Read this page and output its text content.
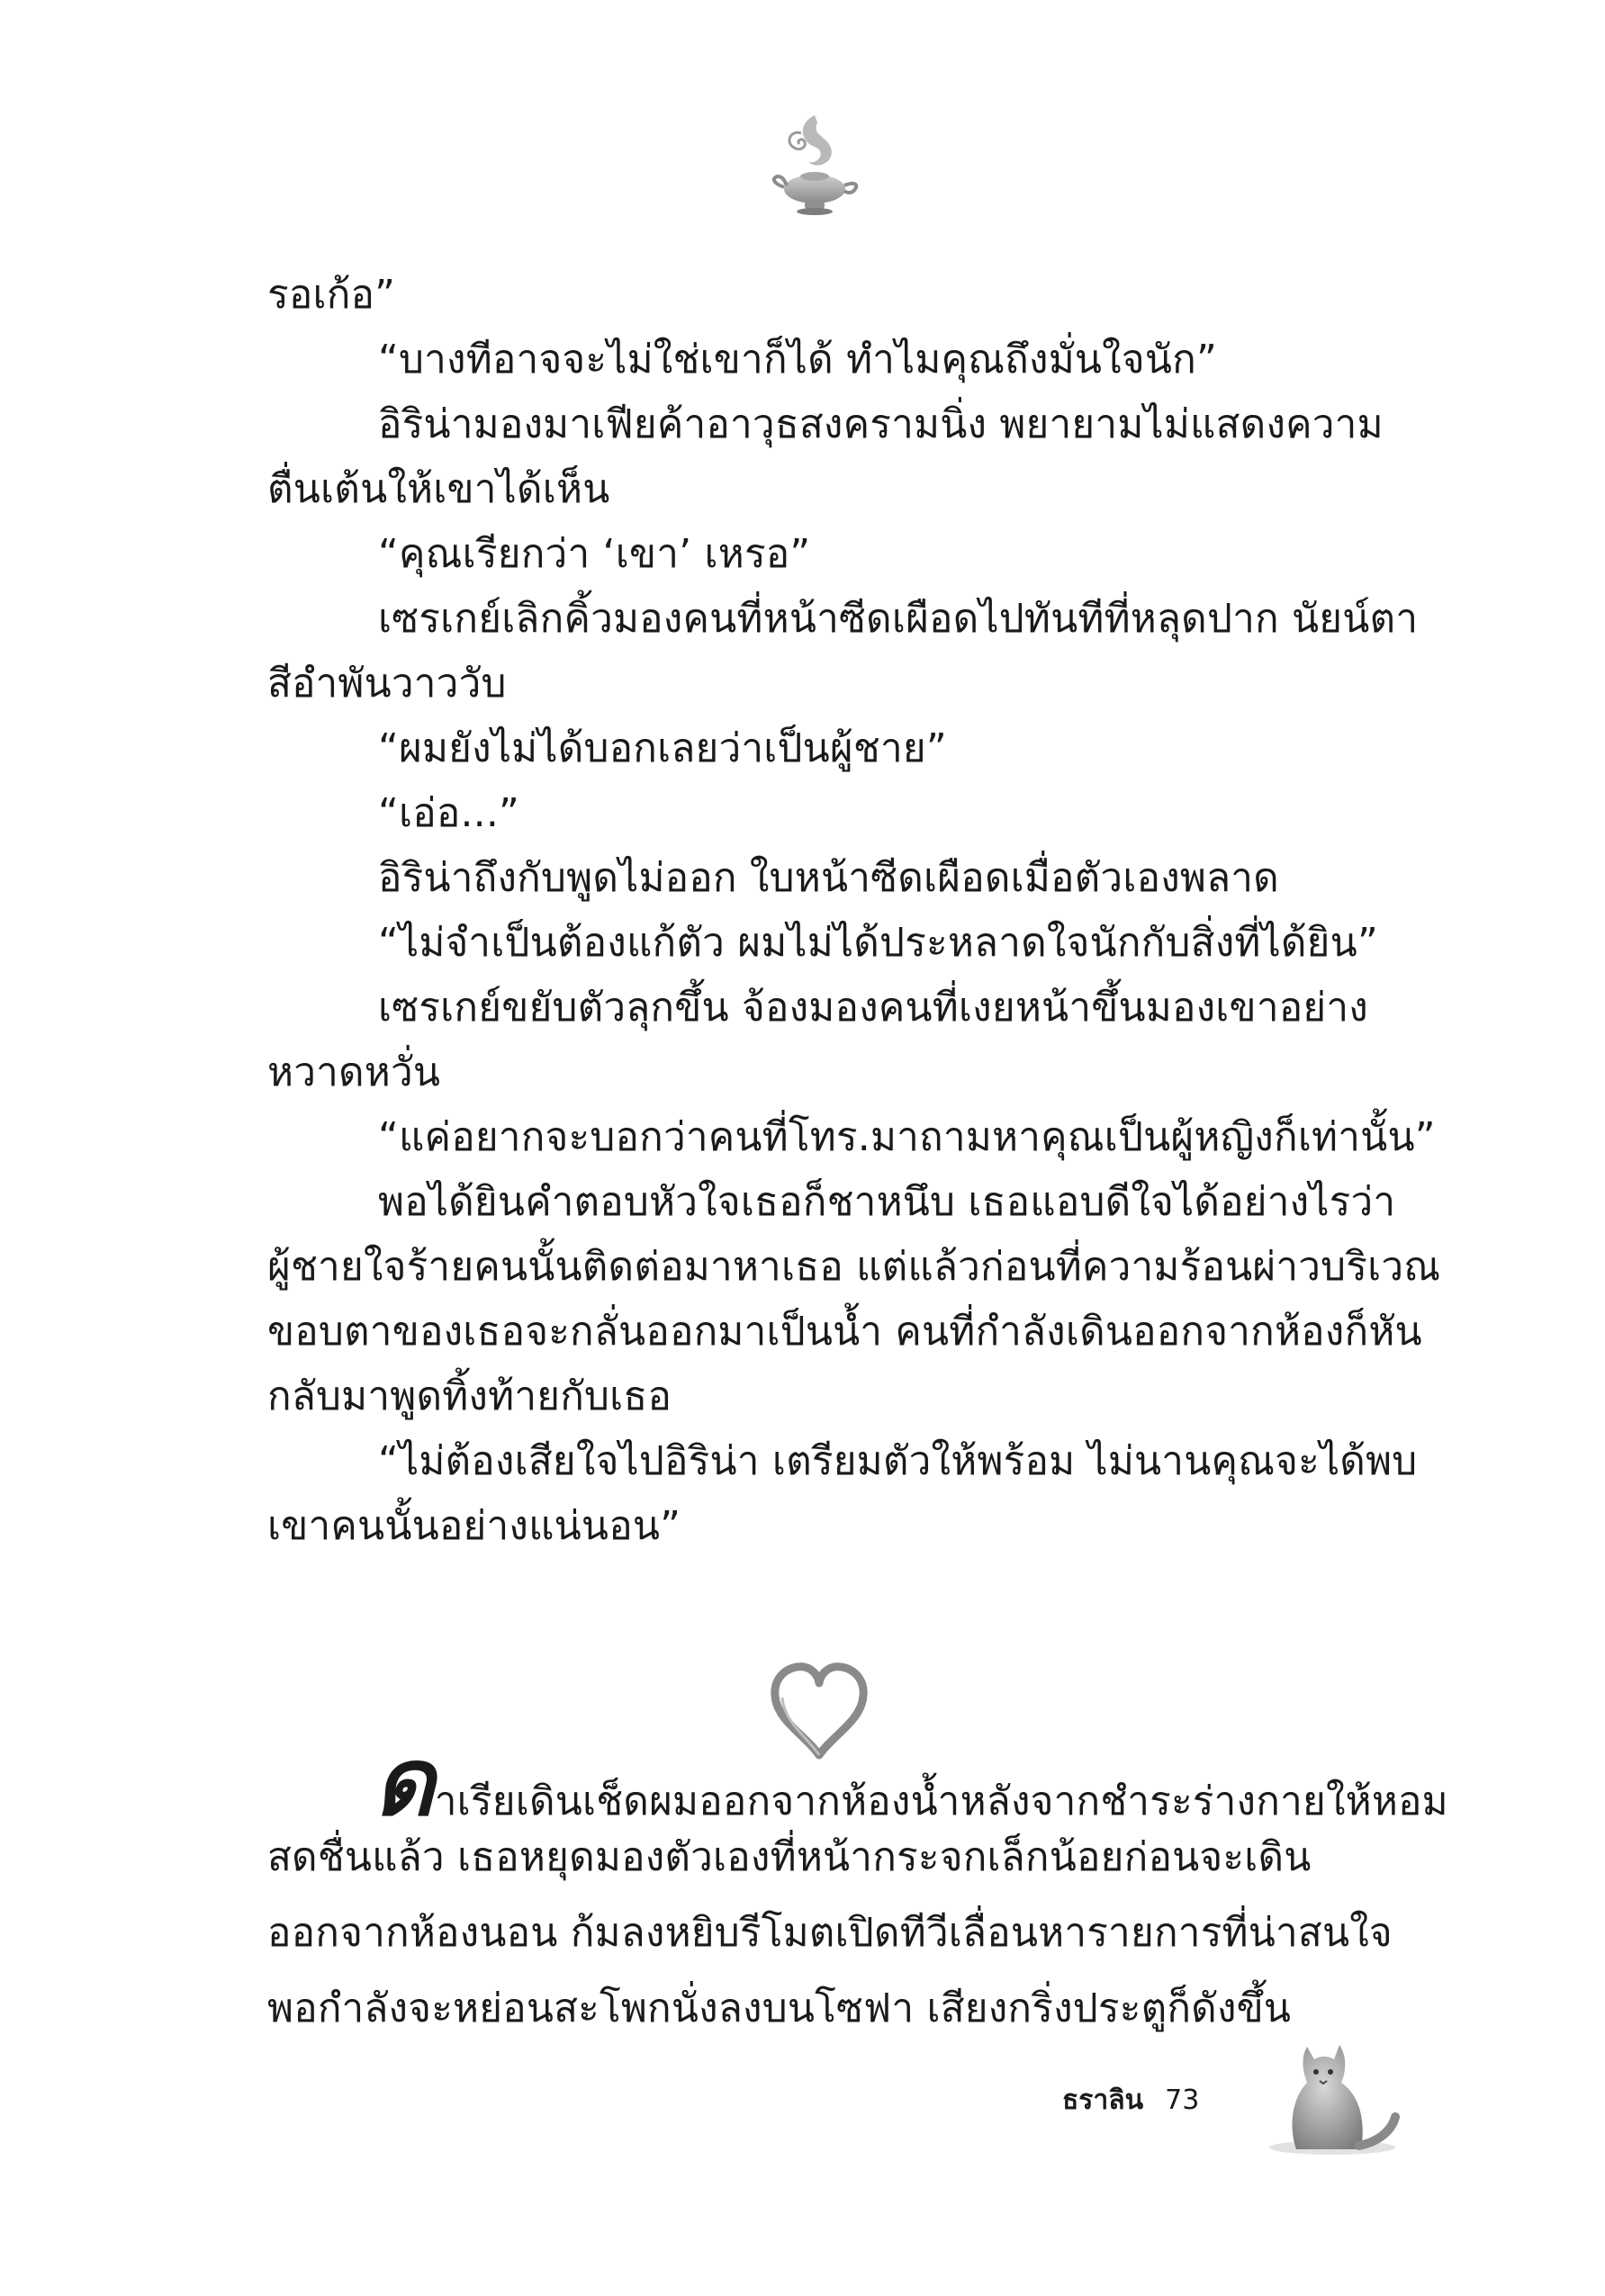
รอเก้อ”

“บางทีอาจจะไม่ใช่เขาก็ได้ ทำไมคุณถึงมั่นใจนัก”

อิริน่ามองมาเฟียค้าอาวุธสงครามนิ่ง พยายามไม่แสดงความ

ตื่นเต้นให้เขาได้เห็น

“คุณเรียกว่า ‘เขา’ เหรอ”

เซรเกย์เลิกคิ้วมองคนที่หน้าซีดเผือดไปทันทีที่หลุดปาก นัยน์ตา

สีอำพันวาววับ

“ผมยังไม่ได้บอกเลยว่าเป็นผู้ชาย”

“เอ่อ...”

อิริน่าถึงกับพูดไม่ออก ใบหน้าซีดเผือดเมื่อตัวเองพลาด

“ไม่จำเป็นต้องแก้ตัว ผมไม่ได้ประหลาดใจนักกับสิ่งที่ได้ยิน”

เซรเกย์ขยับตัวลุกขึ้น จ้องมองคนที่เงยหน้าขึ้นมองเขาอย่าง

หวาดหวั่น

“แค่อยากจะบอกว่าคนที่โทร.มาถามหาคุณเป็นผู้หญิงก็เท่านั้น”

พอได้ยินคำตอบหัวใจเธอก็ชาหนึบ เธอแอบดีใจได้อย่างไรว่า

ผู้ชายใจร้ายคนนั้นติดต่อมาหาเธอ แต่แล้วก่อนที่ความร้อนผ่าวบริเวณ

ขอบตาของเธอจะกลั่นออกมาเป็นน้ำ คนที่กำลังเดินออกจากห้องก็หัน

กลับมาพูดทิ้งท้ายกับเธอ

“ไม่ต้องเสียใจไปอิริน่า เตรียมตัวให้พร้อม ไม่นานคุณจะได้พบ

เขาคนนั้นอย่างแน่นอน”

ดาเรียเดินเช็ดผมออกจากห้องน้ำหลังจากชำระร่างกายให้หอม

สดชื่นแล้ว เธอหยุดมองตัวเองที่หน้ากระจกเล็กน้อยก่อนจะเดิน

ออกจากห้องนอน ก้มลงหยิบรีโมตเปิดทีวีเลื่อนหารายการที่น่าสนใจ

พอกำลังจะหย่อนสะโพกนั่งลงบนโซฟา เสียงกริ่งประตูก็ดังขึ้น

ธราลิน 73
